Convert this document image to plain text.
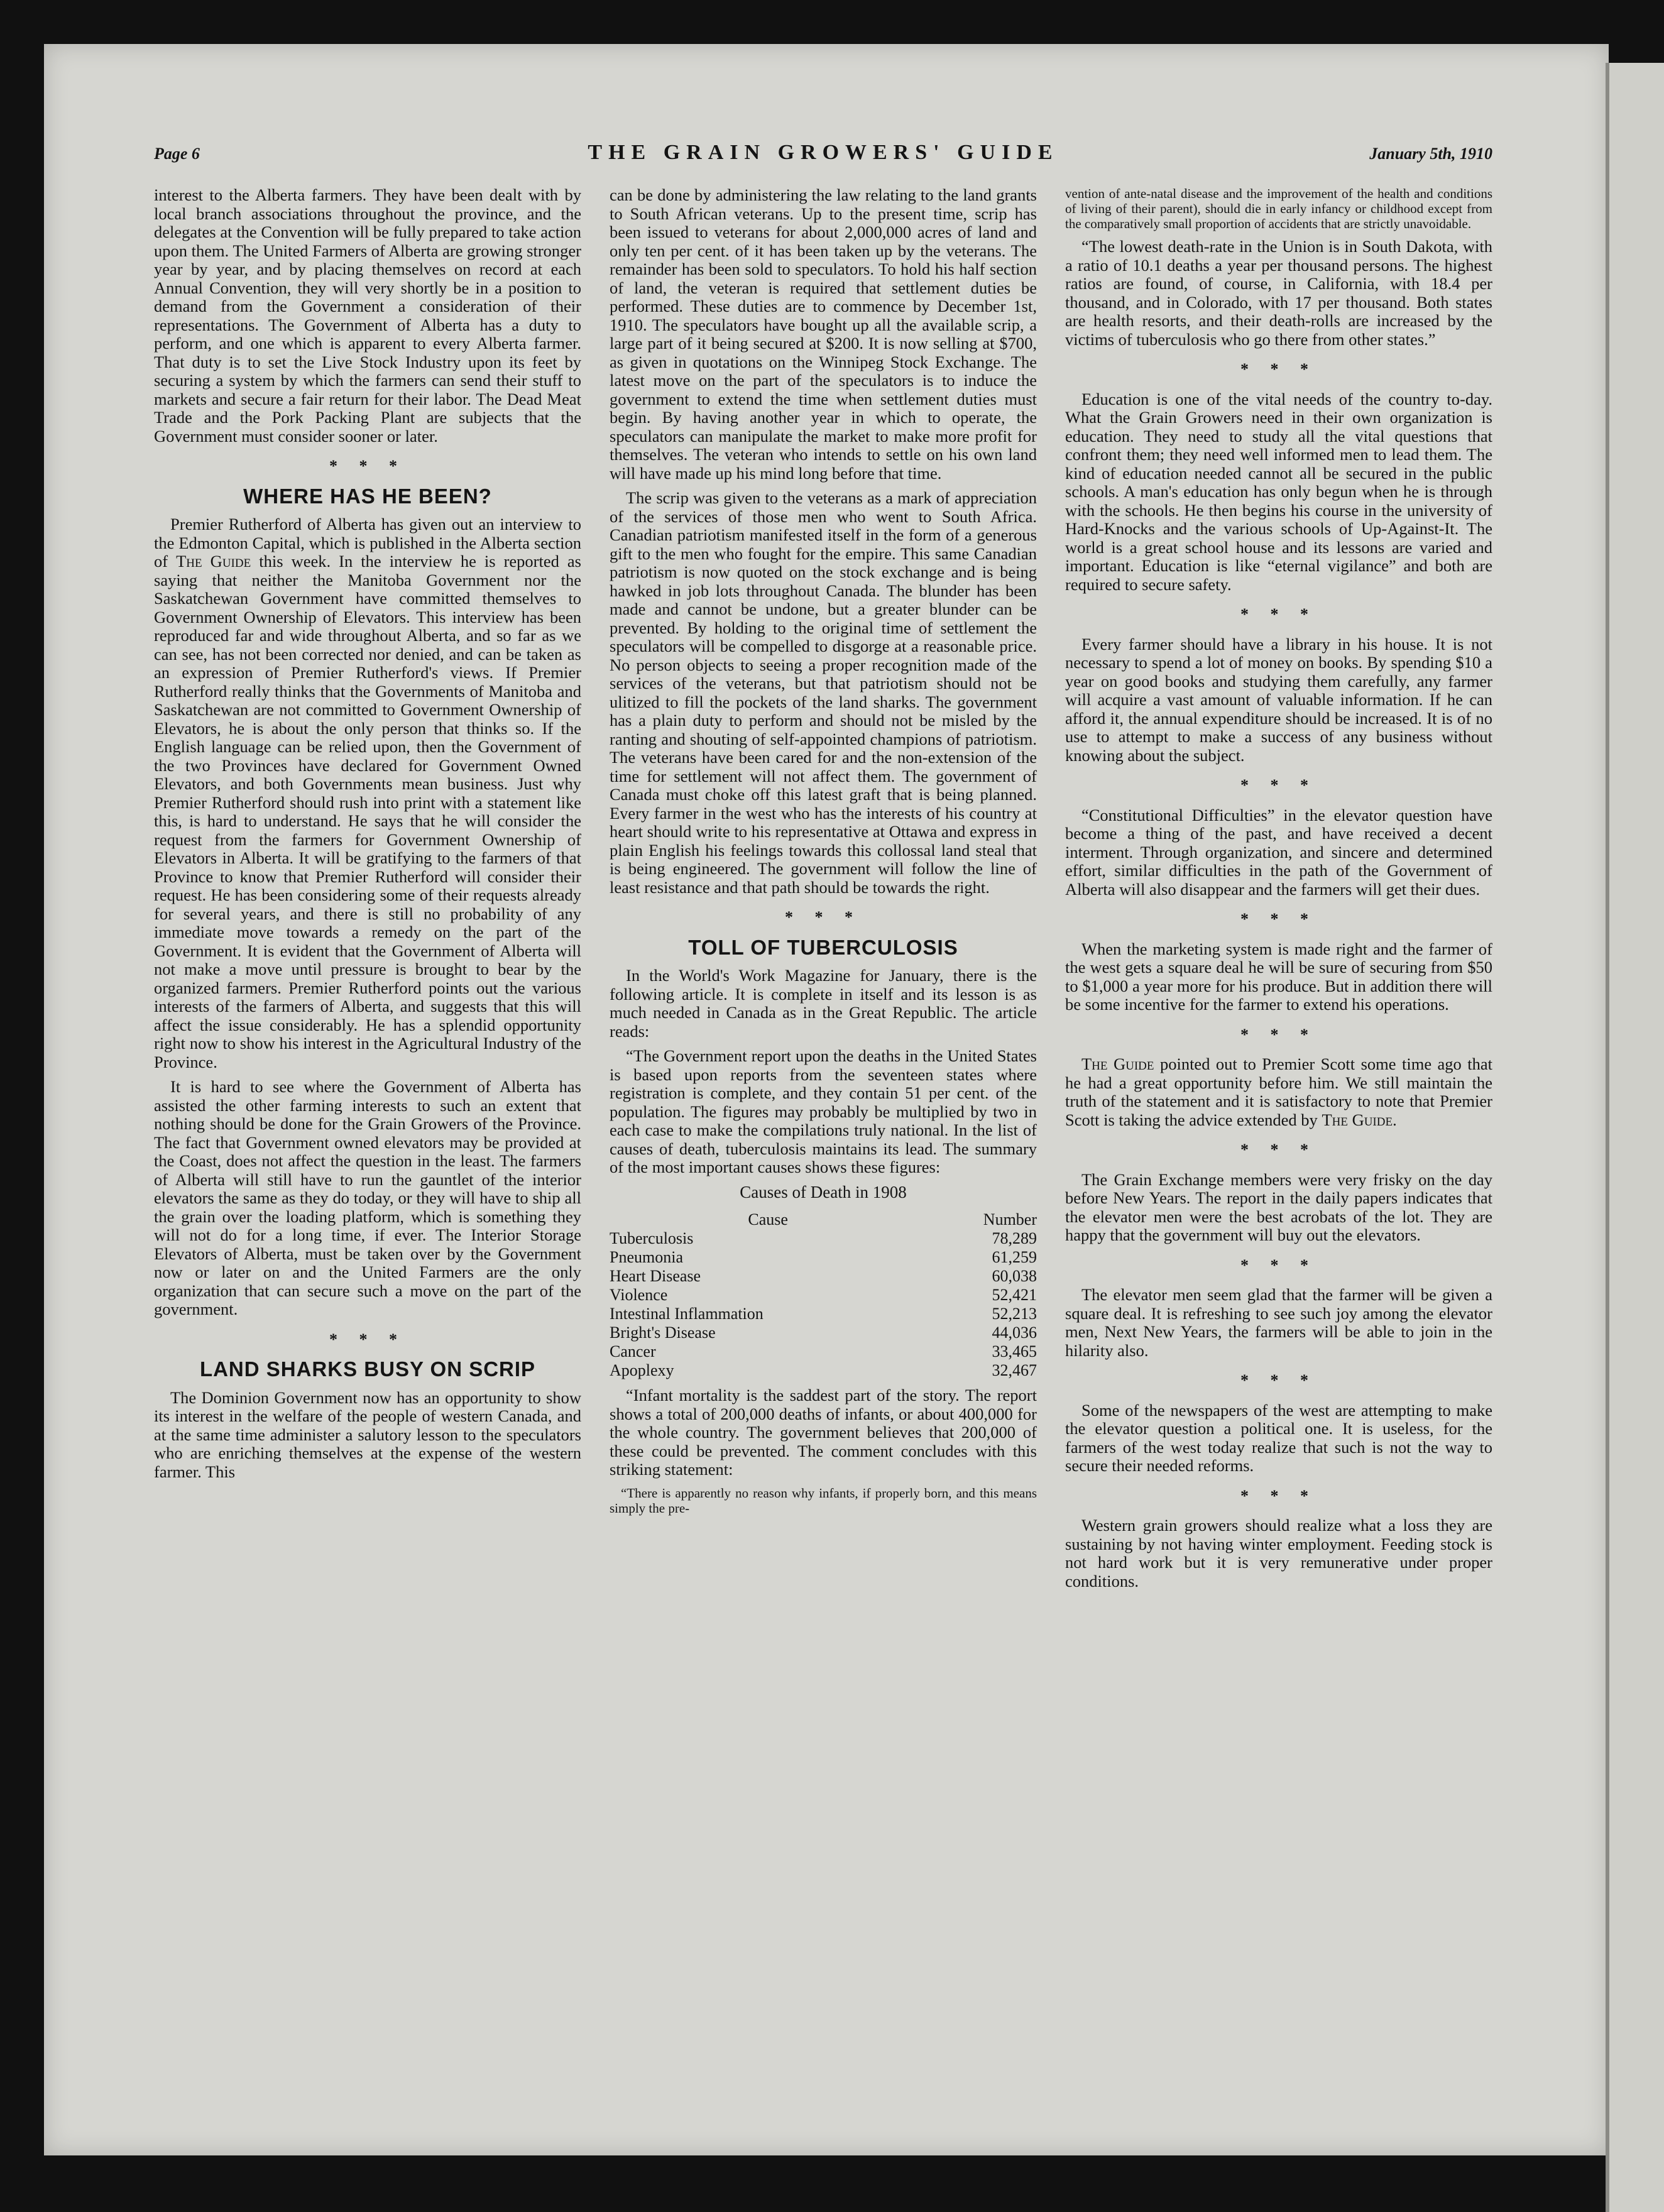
Page 6	THE GRAIN GROWERS' GUIDE	January 5th, 1910

interest to the Alberta farmers. They have been dealt with by local branch associations throughout the province, and the delegates at the Convention will be fully prepared to take action upon them. The United Farmers of Alberta are growing stronger year by year, and by placing themselves on record at each Annual Convention, they will very shortly be in a position to demand from the Government a consideration of their representations. The Government of Alberta has a duty to perform, and one which is apparent to every Alberta farmer. That duty is to set the Live Stock Industry upon its feet by securing a system by which the farmers can send their stuff to markets and secure a fair return for their labor. The Dead Meat Trade and the Pork Packing Plant are subjects that the Government must consider sooner or later.

* * *
WHERE HAS HE BEEN?

Premier Rutherford of Alberta has given out an interview to the Edmonton Capital, which is published in the Alberta section of The Guide this week. In the interview he is reported as saying that neither the Manitoba Government nor the Saskatchewan Government have committed themselves to Government Ownership of Elevators. This interview has been reproduced far and wide throughout Alberta, and so far as we can see, has not been corrected nor denied, and can be taken as an expression of Premier Rutherford's views. If Premier Rutherford really thinks that the Governments of Manitoba and Saskatchewan are not committed to Government Ownership of Elevators, he is about the only person that thinks so. If the English language can be relied upon, then the Government of the two Provinces have declared for Government Owned Elevators, and both Governments mean business. Just why Premier Rutherford should rush into print with a statement like this, is hard to understand. He says that he will consider the request from the farmers for Government Ownership of Elevators in Alberta. It will be gratifying to the farmers of that Province to know that Premier Rutherford will consider their request. He has been considering some of their requests already for several years, and there is still no probability of any immediate move towards a remedy on the part of the Government. It is evident that the Government of Alberta will not make a move until pressure is brought to bear by the organized farmers. Premier Rutherford points out the various interests of the farmers of Alberta, and suggests that this will affect the issue considerably. He has a splendid opportunity right now to show his interest in the Agricultural Industry of the Province.

It is hard to see where the Government of Alberta has assisted the other farming interests to such an extent that nothing should be done for the Grain Growers of the Province. The fact that Government owned elevators may be provided at the Coast, does not affect the question in the least. The farmers of Alberta will still have to run the gauntlet of the interior elevators the same as they do today, or they will have to ship all the grain over the loading platform, which is something they will not do for a long time, if ever. The Interior Storage Elevators of Alberta, must be taken over by the Government now or later on and the United Farmers are the only organization that can secure such a move on the part of the government.

* * *
LAND SHARKS BUSY ON SCRIP

The Dominion Government now has an opportunity to show its interest in the welfare of the people of western Canada, and at the same time administer a salutory lesson to the speculators who are enriching themselves at the expense of the western farmer. This

can be done by administering the law relating to the land grants to South African veterans. Up to the present time, scrip has been issued to veterans for about 2,000,000 acres of land and only ten per cent. of it has been taken up by the veterans. The remainder has been sold to speculators. To hold his half section of land, the veteran is required that settlement duties be performed. These duties are to commence by December 1st, 1910. The speculators have bought up all the available scrip, a large part of it being secured at $200. It is now selling at $700, as given in quotations on the Winnipeg Stock Exchange. The latest move on the part of the speculators is to induce the government to extend the time when settlement duties must begin. By having another year in which to operate, the speculators can manipulate the market to make more profit for themselves. The veteran who intends to settle on his own land will have made up his mind long before that time.

The scrip was given to the veterans as a mark of appreciation of the services of those men who went to South Africa. Canadian patriotism manifested itself in the form of a generous gift to the men who fought for the empire. This same Canadian patriotism is now quoted on the stock exchange and is being hawked in job lots throughout Canada. The blunder has been made and cannot be undone, but a greater blunder can be prevented. By holding to the original time of settlement the speculators will be compelled to disgorge at a reasonable price. No person objects to seeing a proper recognition made of the services of the veterans, but that patriotism should not be ulitized to fill the pockets of the land sharks. The government has a plain duty to perform and should not be misled by the ranting and shouting of self-appointed champions of patriotism. The veterans have been cared for and the non-extension of the time for settlement will not affect them. The government of Canada must choke off this latest graft that is being planned. Every farmer in the west who has the interests of his country at heart should write to his representative at Ottawa and express in plain English his feelings towards this collossal land steal that is being engineered. The government will follow the line of least resistance and that path should be towards the right.

* * *
TOLL OF TUBERCULOSIS

In the World's Work Magazine for January, there is the following article. It is complete in itself and its lesson is as much needed in Canada as in the Great Republic. The article reads:

“The Government report upon the deaths in the United States is based upon reports from the seventeen states where registration is complete, and they contain 51 per cent. of the population. The figures may probably be multiplied by two in each case to make the compilations truly national. In the list of causes of death, tuberculosis maintains its lead. The summary of the most important causes shows these figures:

Causes of Death in 1908
Cause	Number
Tuberculosis	78,289
Pneumonia	61,259
Heart Disease	60,038
Violence	52,421
Intestinal Inflammation	52,213
Bright's Disease	44,036
Cancer	33,465
Apoplexy	32,467

“Infant mortality is the saddest part of the story. The report shows a total of 200,000 deaths of infants, or about 400,000 for the whole country. The government believes that 200,000 of these could be prevented. The comment concludes with this striking statement:

“There is apparently no reason why infants, if properly born, and this means simply the pre-

vention of ante-natal disease and the improvement of the health and conditions of living of their parent), should die in early infancy or childhood except from the comparatively small proportion of accidents that are strictly unavoidable.

“The lowest death-rate in the Union is in South Dakota, with a ratio of 10.1 deaths a year per thousand persons. The highest ratios are found, of course, in California, with 18.4 per thousand, and in Colorado, with 17 per thousand. Both states are health resorts, and their death-rolls are increased by the victims of tuberculosis who go there from other states.”

* * *

Education is one of the vital needs of the country to-day. What the Grain Growers need in their own organization is education. They need to study all the vital questions that confront them; they need well informed men to lead them. The kind of education needed cannot all be secured in the public schools. A man's education has only begun when he is through with the schools. He then begins his course in the university of Hard-Knocks and the various schools of Up-Against-It. The world is a great school house and its lessons are varied and important. Education is like “eternal vigilance” and both are required to secure safety.

* * *

Every farmer should have a library in his house. It is not necessary to spend a lot of money on books. By spending $10 a year on good books and studying them carefully, any farmer will acquire a vast amount of valuable information. If he can afford it, the annual expenditure should be increased. It is of no use to attempt to make a success of any business without knowing about the subject.

* * *

“Constitutional Difficulties” in the elevator question have become a thing of the past, and have received a decent interment. Through organization, and sincere and determined effort, similar difficulties in the path of the Government of Alberta will also disappear and the farmers will get their dues.

* * *

When the marketing system is made right and the farmer of the west gets a square deal he will be sure of securing from $50 to $1,000 a year more for his produce. But in addition there will be some incentive for the farmer to extend his operations.

* * *

The Guide pointed out to Premier Scott some time ago that he had a great opportunity before him. We still maintain the truth of the statement and it is satisfactory to note that Premier Scott is taking the advice extended by The Guide.

* * *

The Grain Exchange members were very frisky on the day before New Years. The report in the daily papers indicates that the elevator men were the best acrobats of the lot. They are happy that the government will buy out the elevators.

* * *

The elevator men seem glad that the farmer will be given a square deal. It is refreshing to see such joy among the elevator men, Next New Years, the farmers will be able to join in the hilarity also.

* * *

Some of the newspapers of the west are attempting to make the elevator question a political one. It is useless, for the farmers of the west today realize that such is not the way to secure their needed reforms.

* * *

Western grain growers should realize what a loss they are sustaining by not having winter employment. Feeding stock is not hard work but it is very remunerative under proper conditions.
